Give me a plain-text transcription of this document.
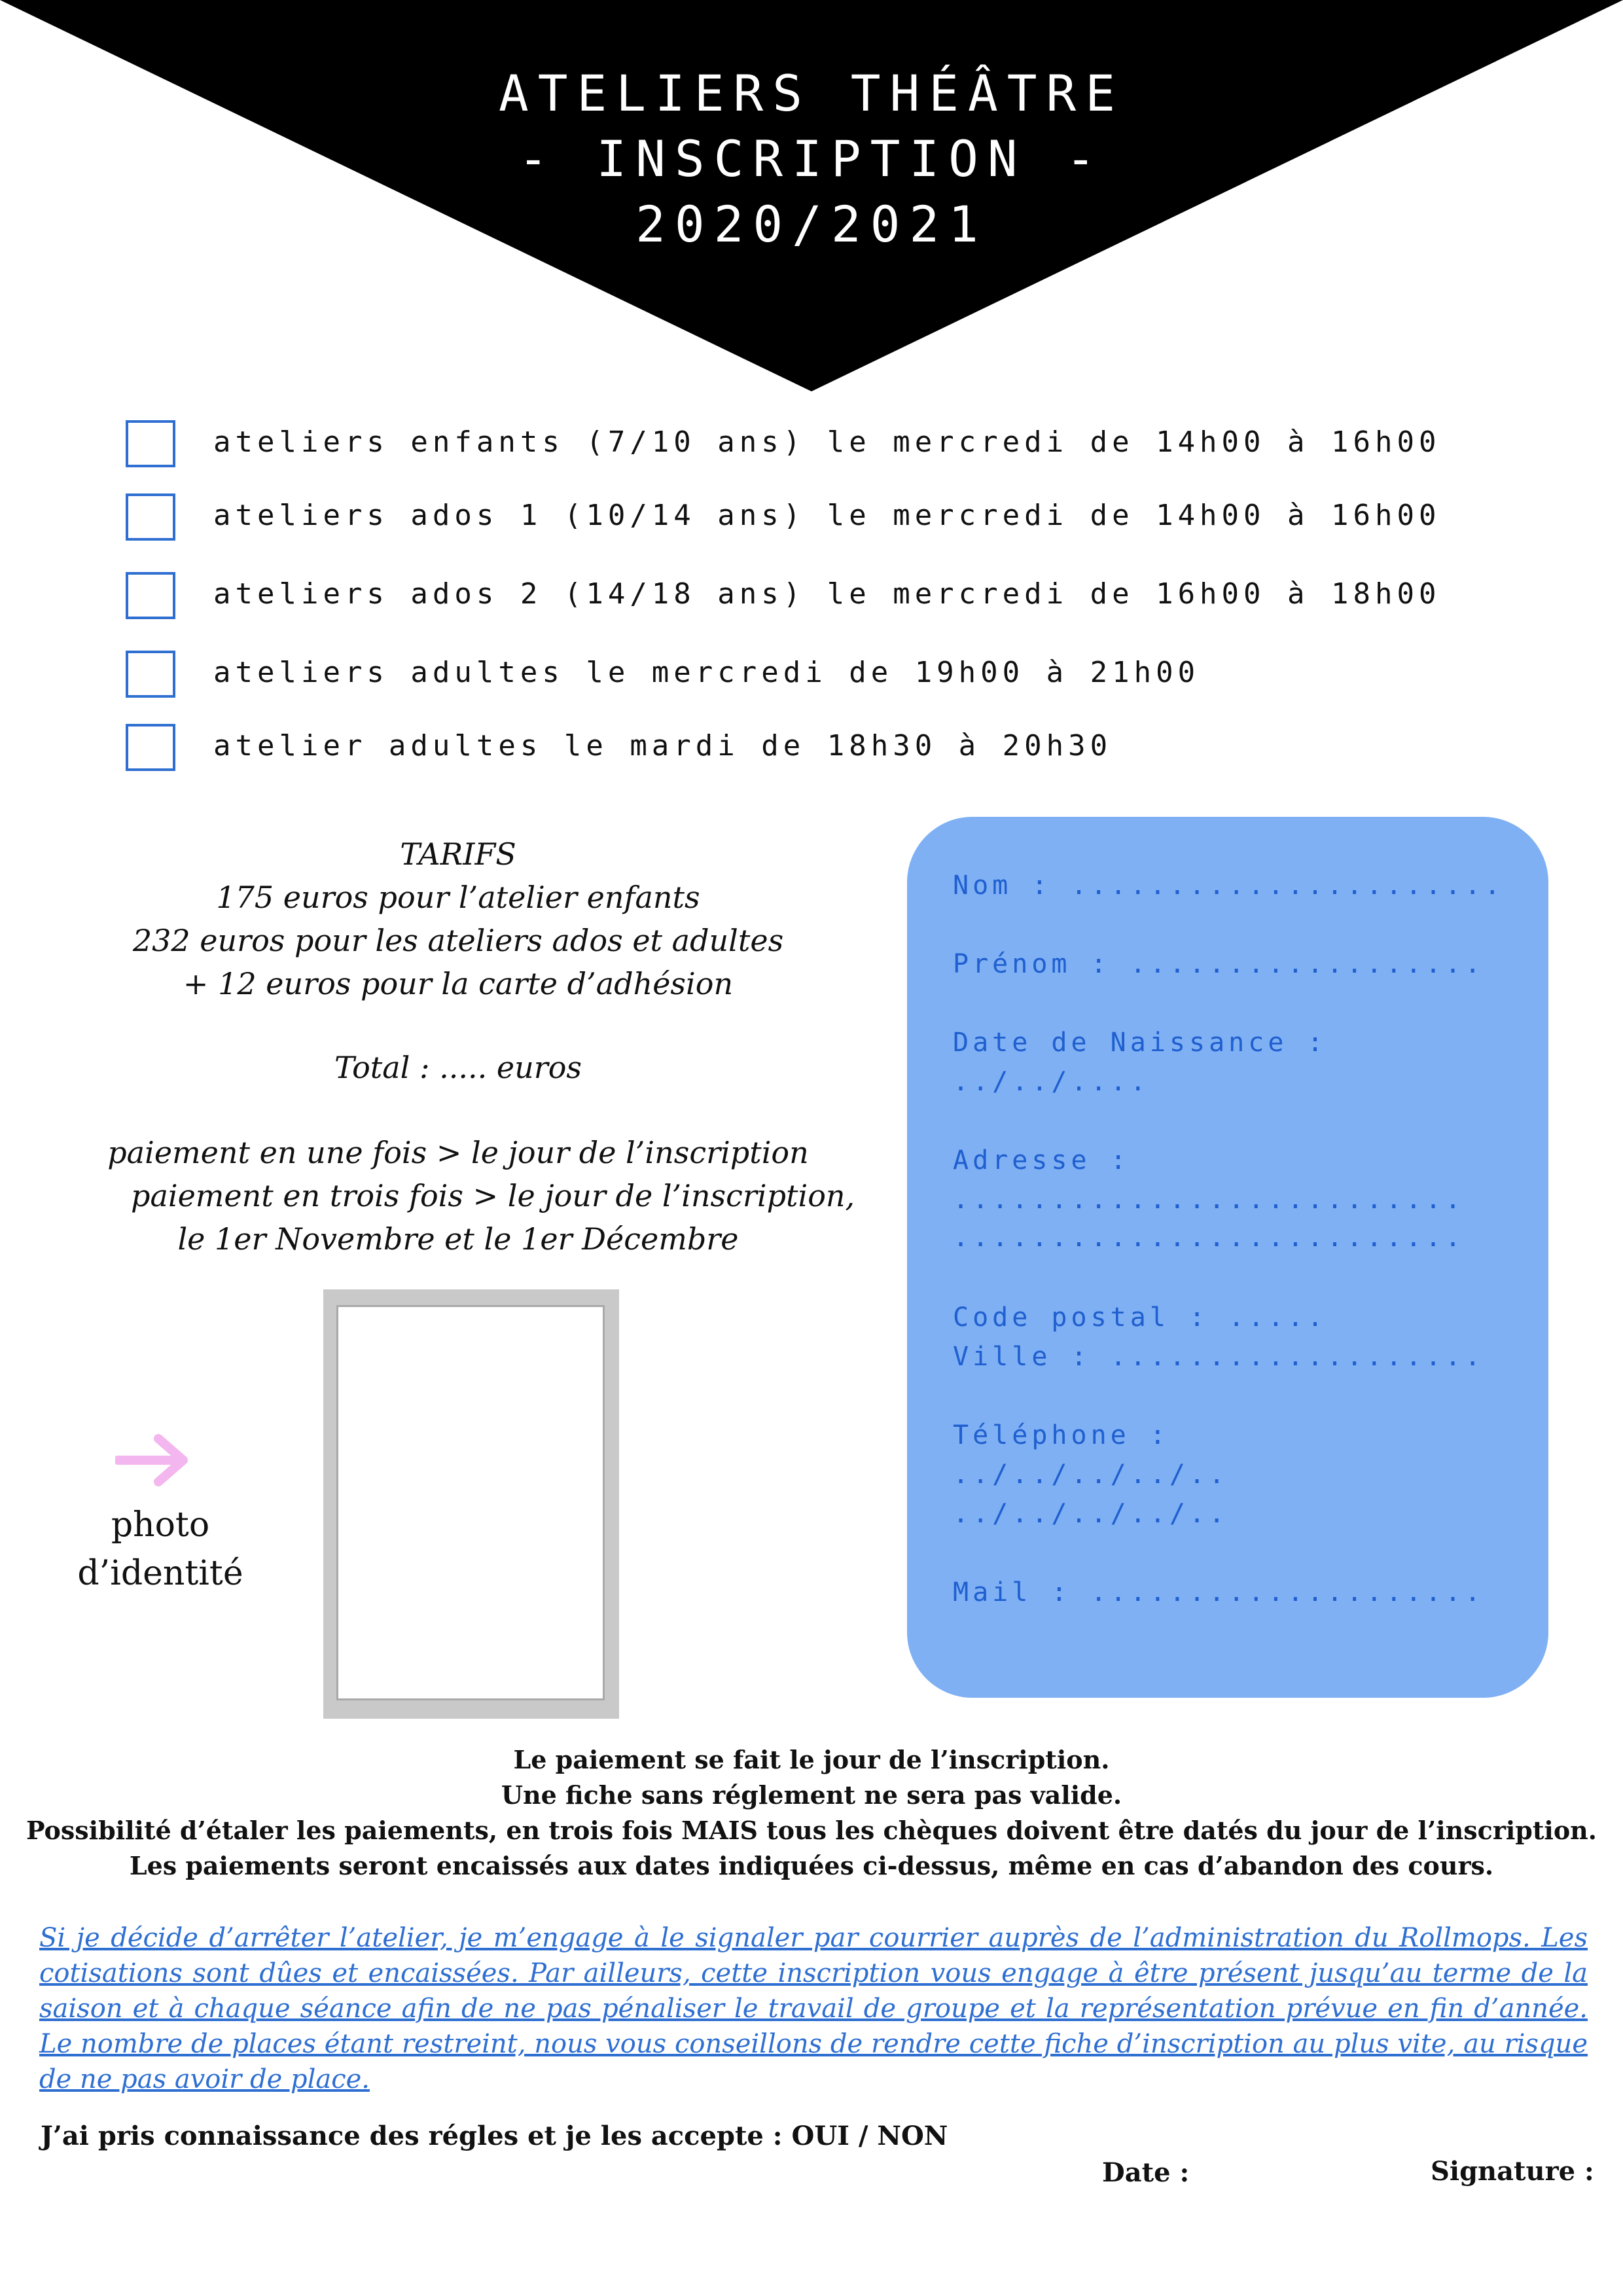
ATELIERS THÉÂTRE
- INSCRIPTION -
2020/2021
ateliers enfants (7/10 ans) le mercredi de 14h00 à 16h00
ateliers ados 1 (10/14 ans) le mercredi de 14h00 à 16h00
ateliers ados 2 (14/18 ans) le mercredi de 16h00 à 18h00
ateliers adultes le mercredi de 19h00 à 21h00
atelier adultes le mardi de 18h30 à 20h30
TARIFS
175 euros pour l’atelier enfants
232 euros pour les ateliers ados et adultes
+ 12 euros pour la carte d’adhésion
Total : ..... euros
paiement en une fois > le jour de l’inscription
paiement en trois fois > le jour de l’inscription,
le 1er Novembre et le 1er Décembre
Nom : ......................
Prénom : ..................
Date de Naissance :
../../....
Adresse :
..........................
..........................
Code postal : .....
Ville : ...................
Téléphone :
../../../../..
../../../../..
Mail : ....................
photo
d’identité
Le paiement se fait le jour de l’inscription.
Une fiche sans réglement ne sera pas valide.
Possibilité d’étaler les paiements, en trois fois MAIS tous les chèques doivent être datés du jour de l’inscription.
Les paiements seront encaissés aux dates indiquées ci-dessus, même en cas d’abandon des cours.
Si je décide d’arrêter l’atelier, je m’engage à le signaler par courrier auprès de l’administration du Rollmops. Les cotisations sont dûes et encaissées. Par ailleurs, cette inscription vous engage à être présent jusqu’au terme de la saison et à chaque séance afin de ne pas pénaliser le travail de groupe et la représentation prévue en fin d’année. Le nombre de places étant restreint, nous vous conseillons de rendre cette fiche d’inscription au plus vite, au risque de ne pas avoir de place.
J’ai pris connaissance des régles et je les accepte : OUI / NON
Date :	Signature :
